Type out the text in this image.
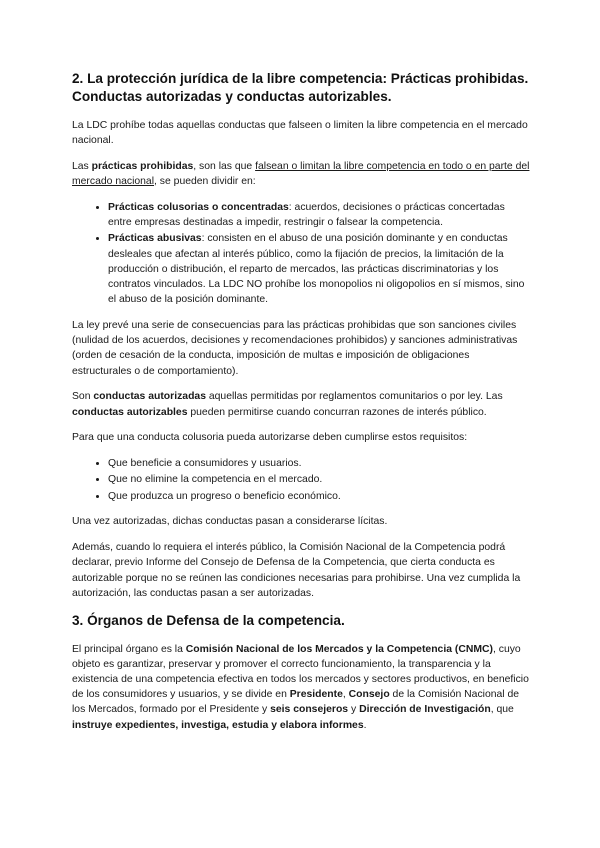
2. La protección jurídica de la libre competencia: Prácticas prohibidas. Conductas autorizadas y conductas autorizables.

La LDC prohíbe todas aquellas conductas que falseen o limiten la libre competencia en el mercado nacional.

Las prácticas prohibidas, son las que falsean o limitan la libre competencia en todo o en parte del mercado nacional, se pueden dividir en:

• Prácticas colusorias o concentradas: acuerdos, decisiones o prácticas concertadas entre empresas destinadas a impedir, restringir o falsear la competencia.
• Prácticas abusivas: consisten en el abuso de una posición dominante y en conductas desleales que afectan al interés público, como la fijación de precios, la limitación de la producción o distribución, el reparto de mercados, las prácticas discriminatorias y los contratos vinculados. La LDC NO prohíbe los monopolios ni oligopolios en sí mismos, sino el abuso de la posición dominante.

La ley prevé una serie de consecuencias para las prácticas prohibidas que son sanciones civiles (nulidad de los acuerdos, decisiones y recomendaciones prohibidos) y sanciones administrativas (orden de cesación de la conducta, imposición de multas e imposición de obligaciones estructurales o de comportamiento).

Son conductas autorizadas aquellas permitidas por reglamentos comunitarios o por ley. Las conductas autorizables pueden permitirse cuando concurran razones de interés público.

Para que una conducta colusoria pueda autorizarse deben cumplirse estos requisitos:

• Que beneficie a consumidores y usuarios.
• Que no elimine la competencia en el mercado.
• Que produzca un progreso o beneficio económico.

Una vez autorizadas, dichas conductas pasan a considerarse lícitas.

Además, cuando lo requiera el interés público, la Comisión Nacional de la Competencia podrá declarar, previo Informe del Consejo de Defensa de la Competencia, que cierta conducta es autorizable porque no se reúnen las condiciones necesarias para prohibirse. Una vez cumplida la autorización, las conductas pasan a ser autorizadas.

3. Órganos de Defensa de la competencia.

El principal órgano es la Comisión Nacional de los Mercados y la Competencia (CNMC), cuyo objeto es garantizar, preservar y promover el correcto funcionamiento, la transparencia y la existencia de una competencia efectiva en todos los mercados y sectores productivos, en beneficio de los consumidores y usuarios, y se divide en Presidente, Consejo de la Comisión Nacional de los Mercados, formado por el Presidente y seis consejeros y Dirección de Investigación, que instruye expedientes, investiga, estudia y elabora informes.
